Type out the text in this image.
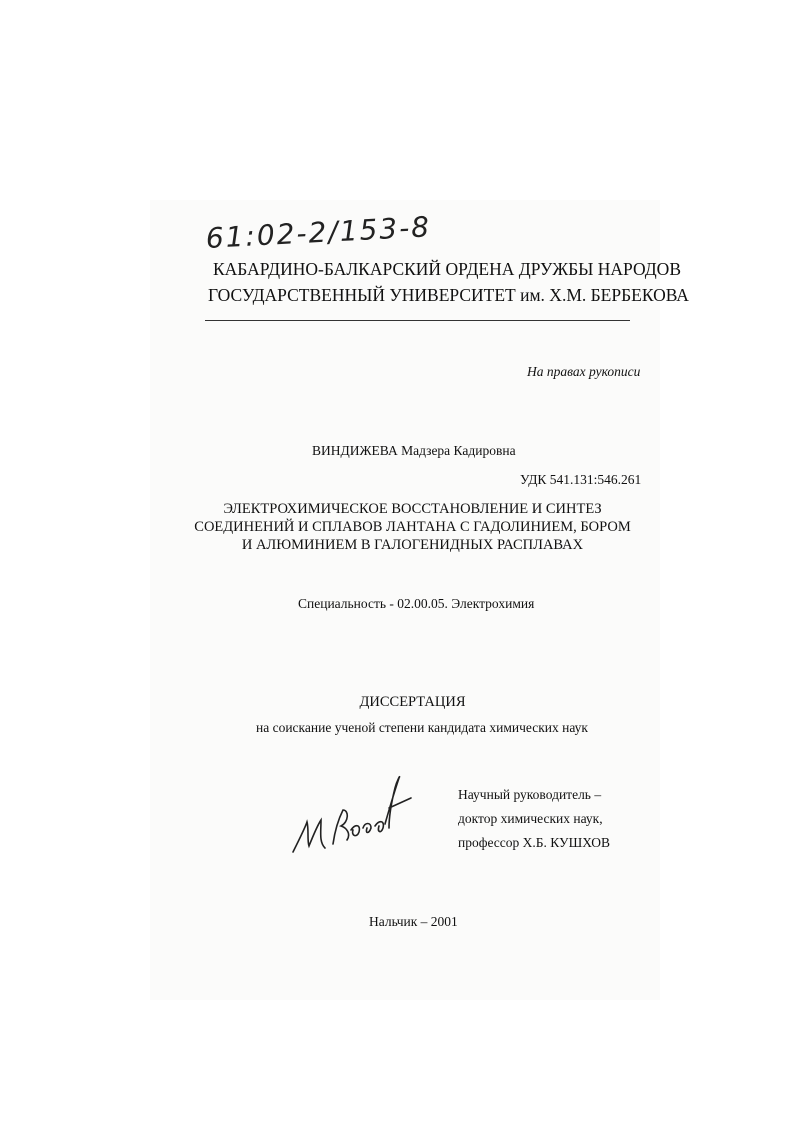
61:02-2/153-8
КАБАРДИНО-БАЛКАРСКИЙ ОРДЕНА ДРУЖБЫ НАРОДОВ
ГОСУДАРСТВЕННЫЙ УНИВЕРСИТЕТ им. Х.М. БЕРБЕКОВА
На правах рукописи
ВИНДИЖЕВА Мадзера Кадировна
УДК 541.131:546.261
ЭЛЕКТРОХИМИЧЕСКОЕ ВОССТАНОВЛЕНИЕ И СИНТЕЗ
СОЕДИНЕНИЙ И СПЛАВОВ ЛАНТАНА С ГАДОЛИНИЕМ, БОРОМ
И АЛЮМИНИЕМ В ГАЛОГЕНИДНЫХ РАСПЛАВАХ
Специальность - 02.00.05. Электрохимия
ДИССЕРТАЦИЯ
на соискание ученой степени кандидата химических наук
Научный руководитель –
доктор химических наук,
профессор Х.Б. КУШХОВ
Нальчик – 2001
